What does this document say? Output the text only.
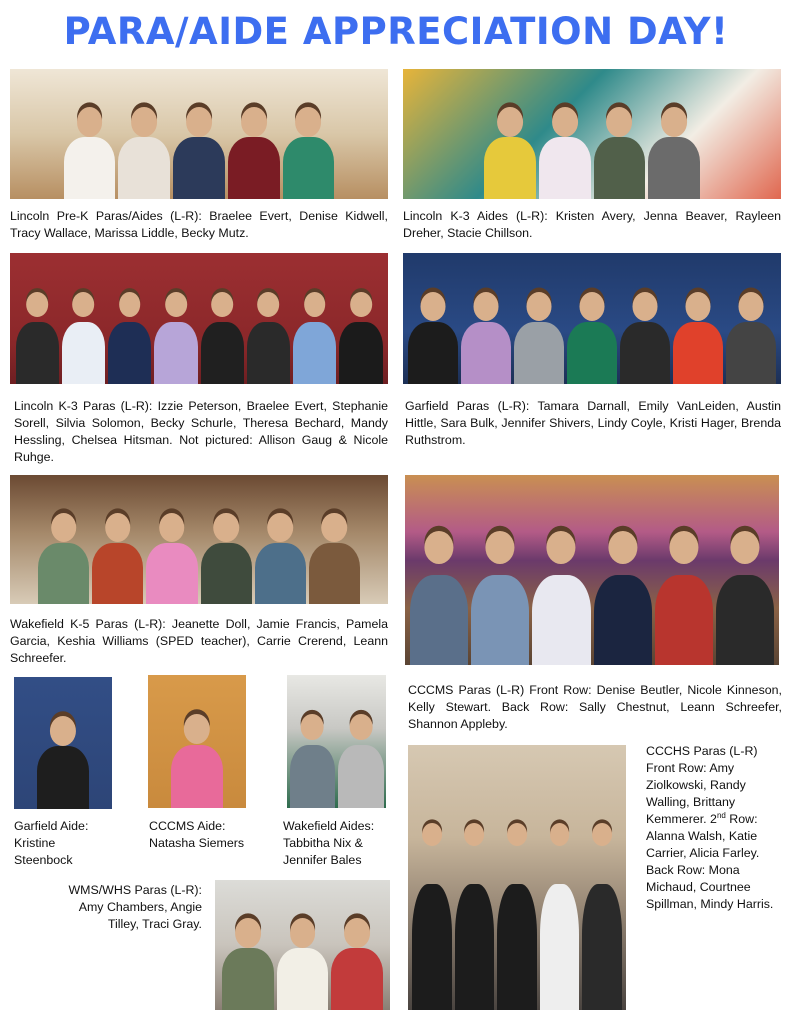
PARA/AIDE APPRECIATION DAY!
Lincoln Pre-K Paras/Aides (L-R): Braelee Evert, Denise Kidwell, Tracy Wallace, Marissa Liddle, Becky Mutz.
Lincoln K-3 Aides (L-R): Kristen Avery, Jenna Beaver, Rayleen Dreher, Stacie Chillson.
Lincoln K-3 Paras (L-R): Izzie Peterson, Braelee Evert, Stephanie Sorell, Silvia Solomon, Becky Schurle, Theresa Bechard, Mandy Hessling, Chelsea Hitsman. Not pictured: Allison Gaug & Nicole Ruhge.
Garfield Paras (L-R): Tamara Darnall, Emily VanLeiden, Austin Hittle, Sara Bulk, Jennifer Shivers, Lindy Coyle, Kristi Hager, Brenda Ruthstrom.
Wakefield K-5 Paras (L-R): Jeanette Doll, Jamie Francis, Pamela Garcia, Keshia Williams (SPED teacher), Carrie Crerend, Leann Schreefer.
CCCMS Paras (L-R) Front Row: Denise Beutler, Nicole Kinneson, Kelly Stewart. Back Row: Sally Chestnut, Leann Schreefer, Shannon Appleby.
Garfield Aide: Kristine Steenbock
CCCMS Aide: Natasha Siemers
Wakefield Aides: Tabbitha Nix & Jennifer Bales
CCCHS Paras (L-R) Front Row: Amy Ziolkowski, Randy Walling, Brittany Kemmerer. 2nd Row: Alanna Walsh, Katie Carrier, Alicia Farley. Back Row: Mona Michaud, Courtnee Spillman, Mindy Harris.
WMS/WHS Paras (L-R): Amy Chambers, Angie Tilley, Traci Gray.
